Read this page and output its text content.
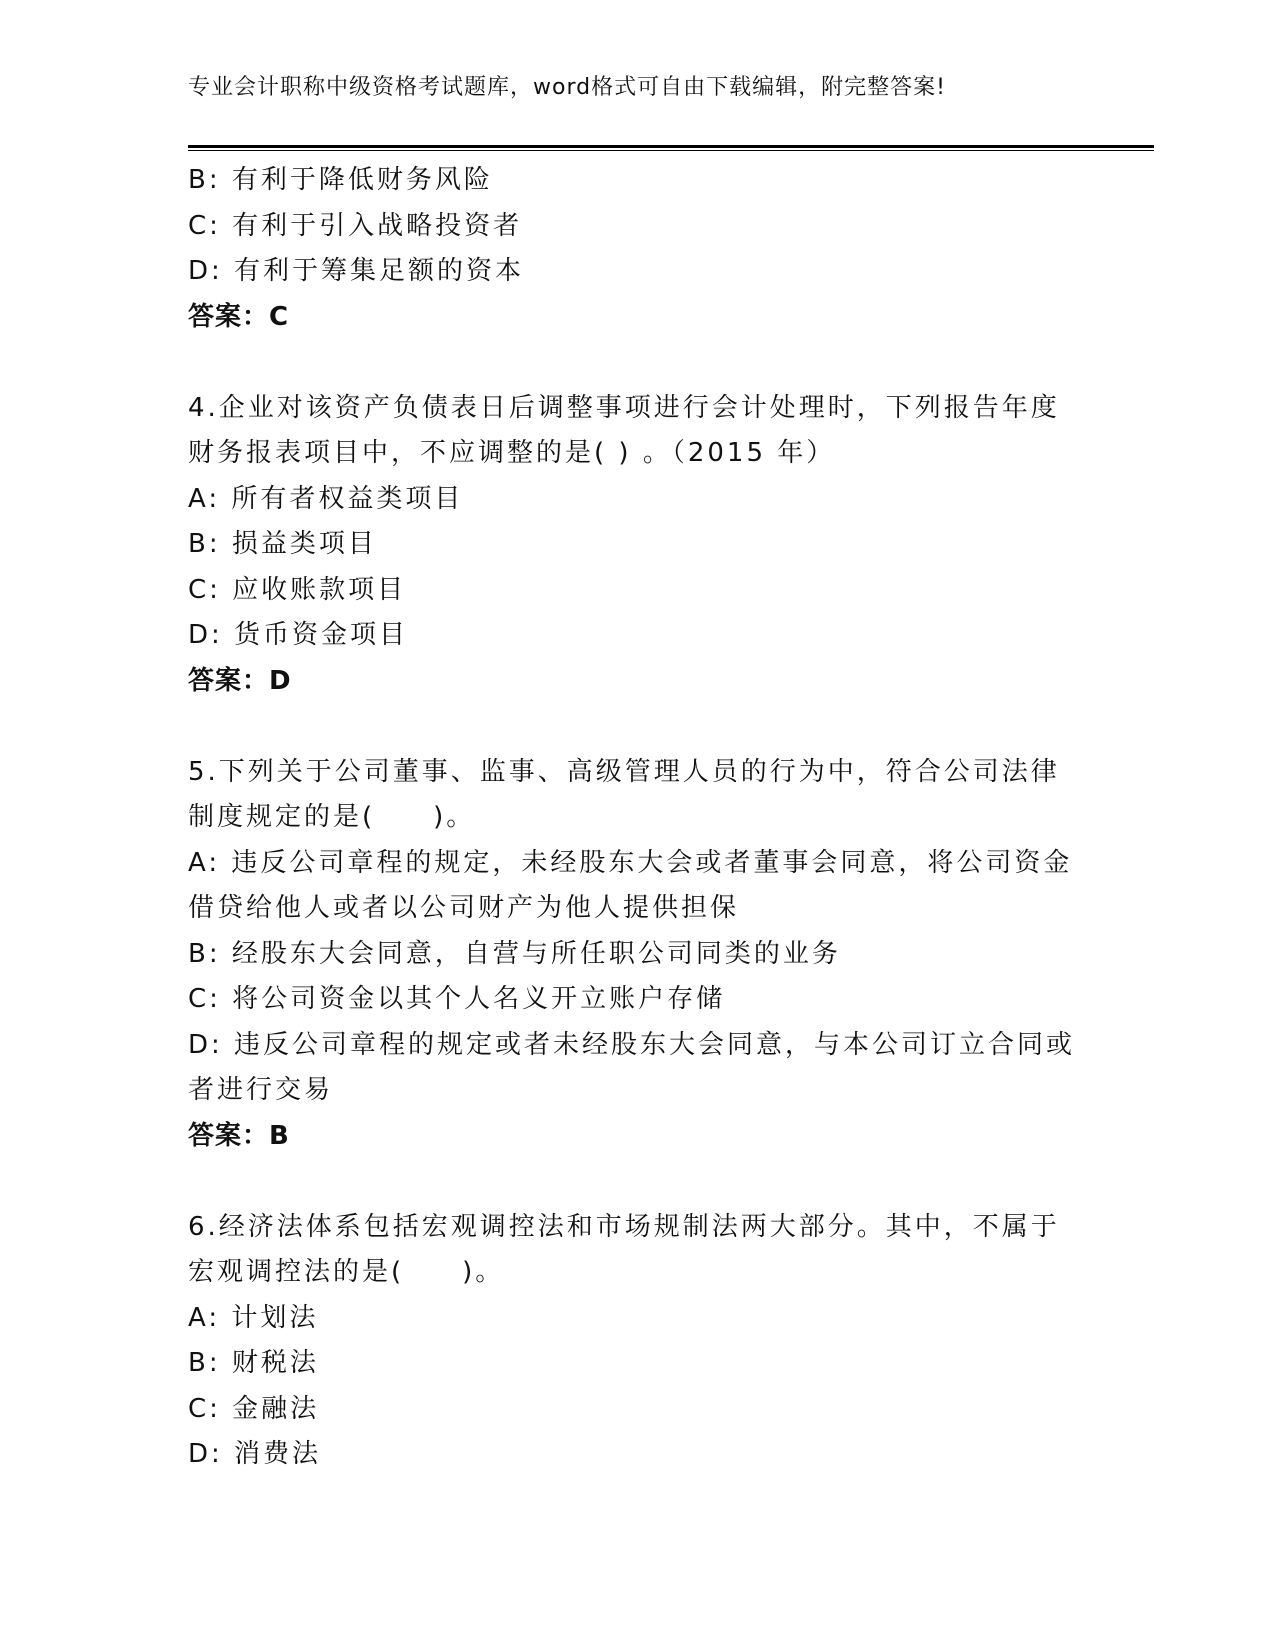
专业会计职称中级资格考试题库，word格式可自由下载编辑，附完整答案!
B: 有利于降低财务风险
C: 有利于引入战略投资者
D: 有利于筹集足额的资本
答案：C
4.企业对该资产负债表日后调整事项进行会计处理时，下列报告年度
财务报表项目中，不应调整的是( ) 。（2015 年）
A: 所有者权益类项目
B: 损益类项目
C: 应收账款项目
D: 货币资金项目
答案：D
5.下列关于公司董事、监事、高级管理人员的行为中，符合公司法律
制度规定的是(　　)。
A: 违反公司章程的规定，未经股东大会或者董事会同意，将公司资金
借贷给他人或者以公司财产为他人提供担保
B: 经股东大会同意，自营与所任职公司同类的业务
C: 将公司资金以其个人名义开立账户存储
D: 违反公司章程的规定或者未经股东大会同意，与本公司订立合同或
者进行交易
答案：B
6.经济法体系包括宏观调控法和市场规制法两大部分。其中，不属于
宏观调控法的是(　　)。
A: 计划法
B: 财税法
C: 金融法
D: 消费法
